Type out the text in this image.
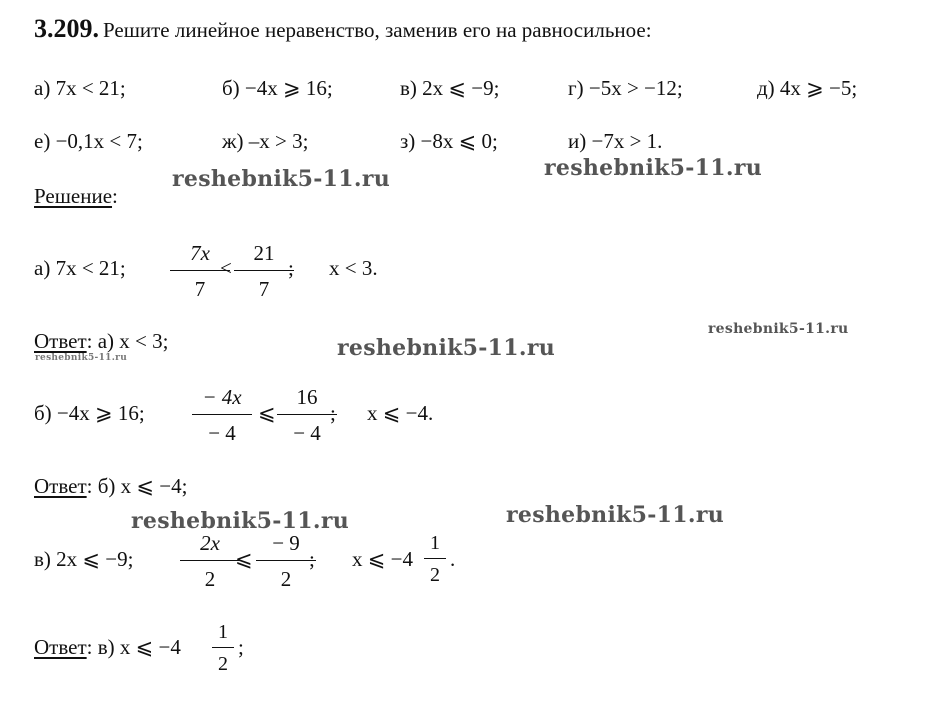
3.209. Решите линейное неравенство, заменив его на равносильное:
а) 7x < 21;	б) −4x ⩾ 16;	в) 2x ⩽ −9;	г) −5x > −12;	д) 4x ⩾ −5;
е) −0,1x < 7;	ж) –x > 3;	з) −8x ⩽ 0;	и) −7x > 1.
Решение:
а) 7x < 21;
7x
7
<
21
7
; x < 3.
Ответ: а) x < 3;
б) −4x ⩾ 16;
− 4x
− 4
⩽
16
− 4
; x ⩽ −4.
Ответ: б) x ⩽ −4;
в) 2x ⩽ −9;
2x
2
⩽
− 9
2
; x ⩽ −4
1
2
.
Ответ: в) x ⩽ −4
1
2
;
reshebnik5-11.ru	reshebnik5-11.ru
reshebnik5-11.ru
reshebnik5-11.ru
reshebnik5-11.ru
reshebnik5-11.ru	reshebnik5-11.ru
